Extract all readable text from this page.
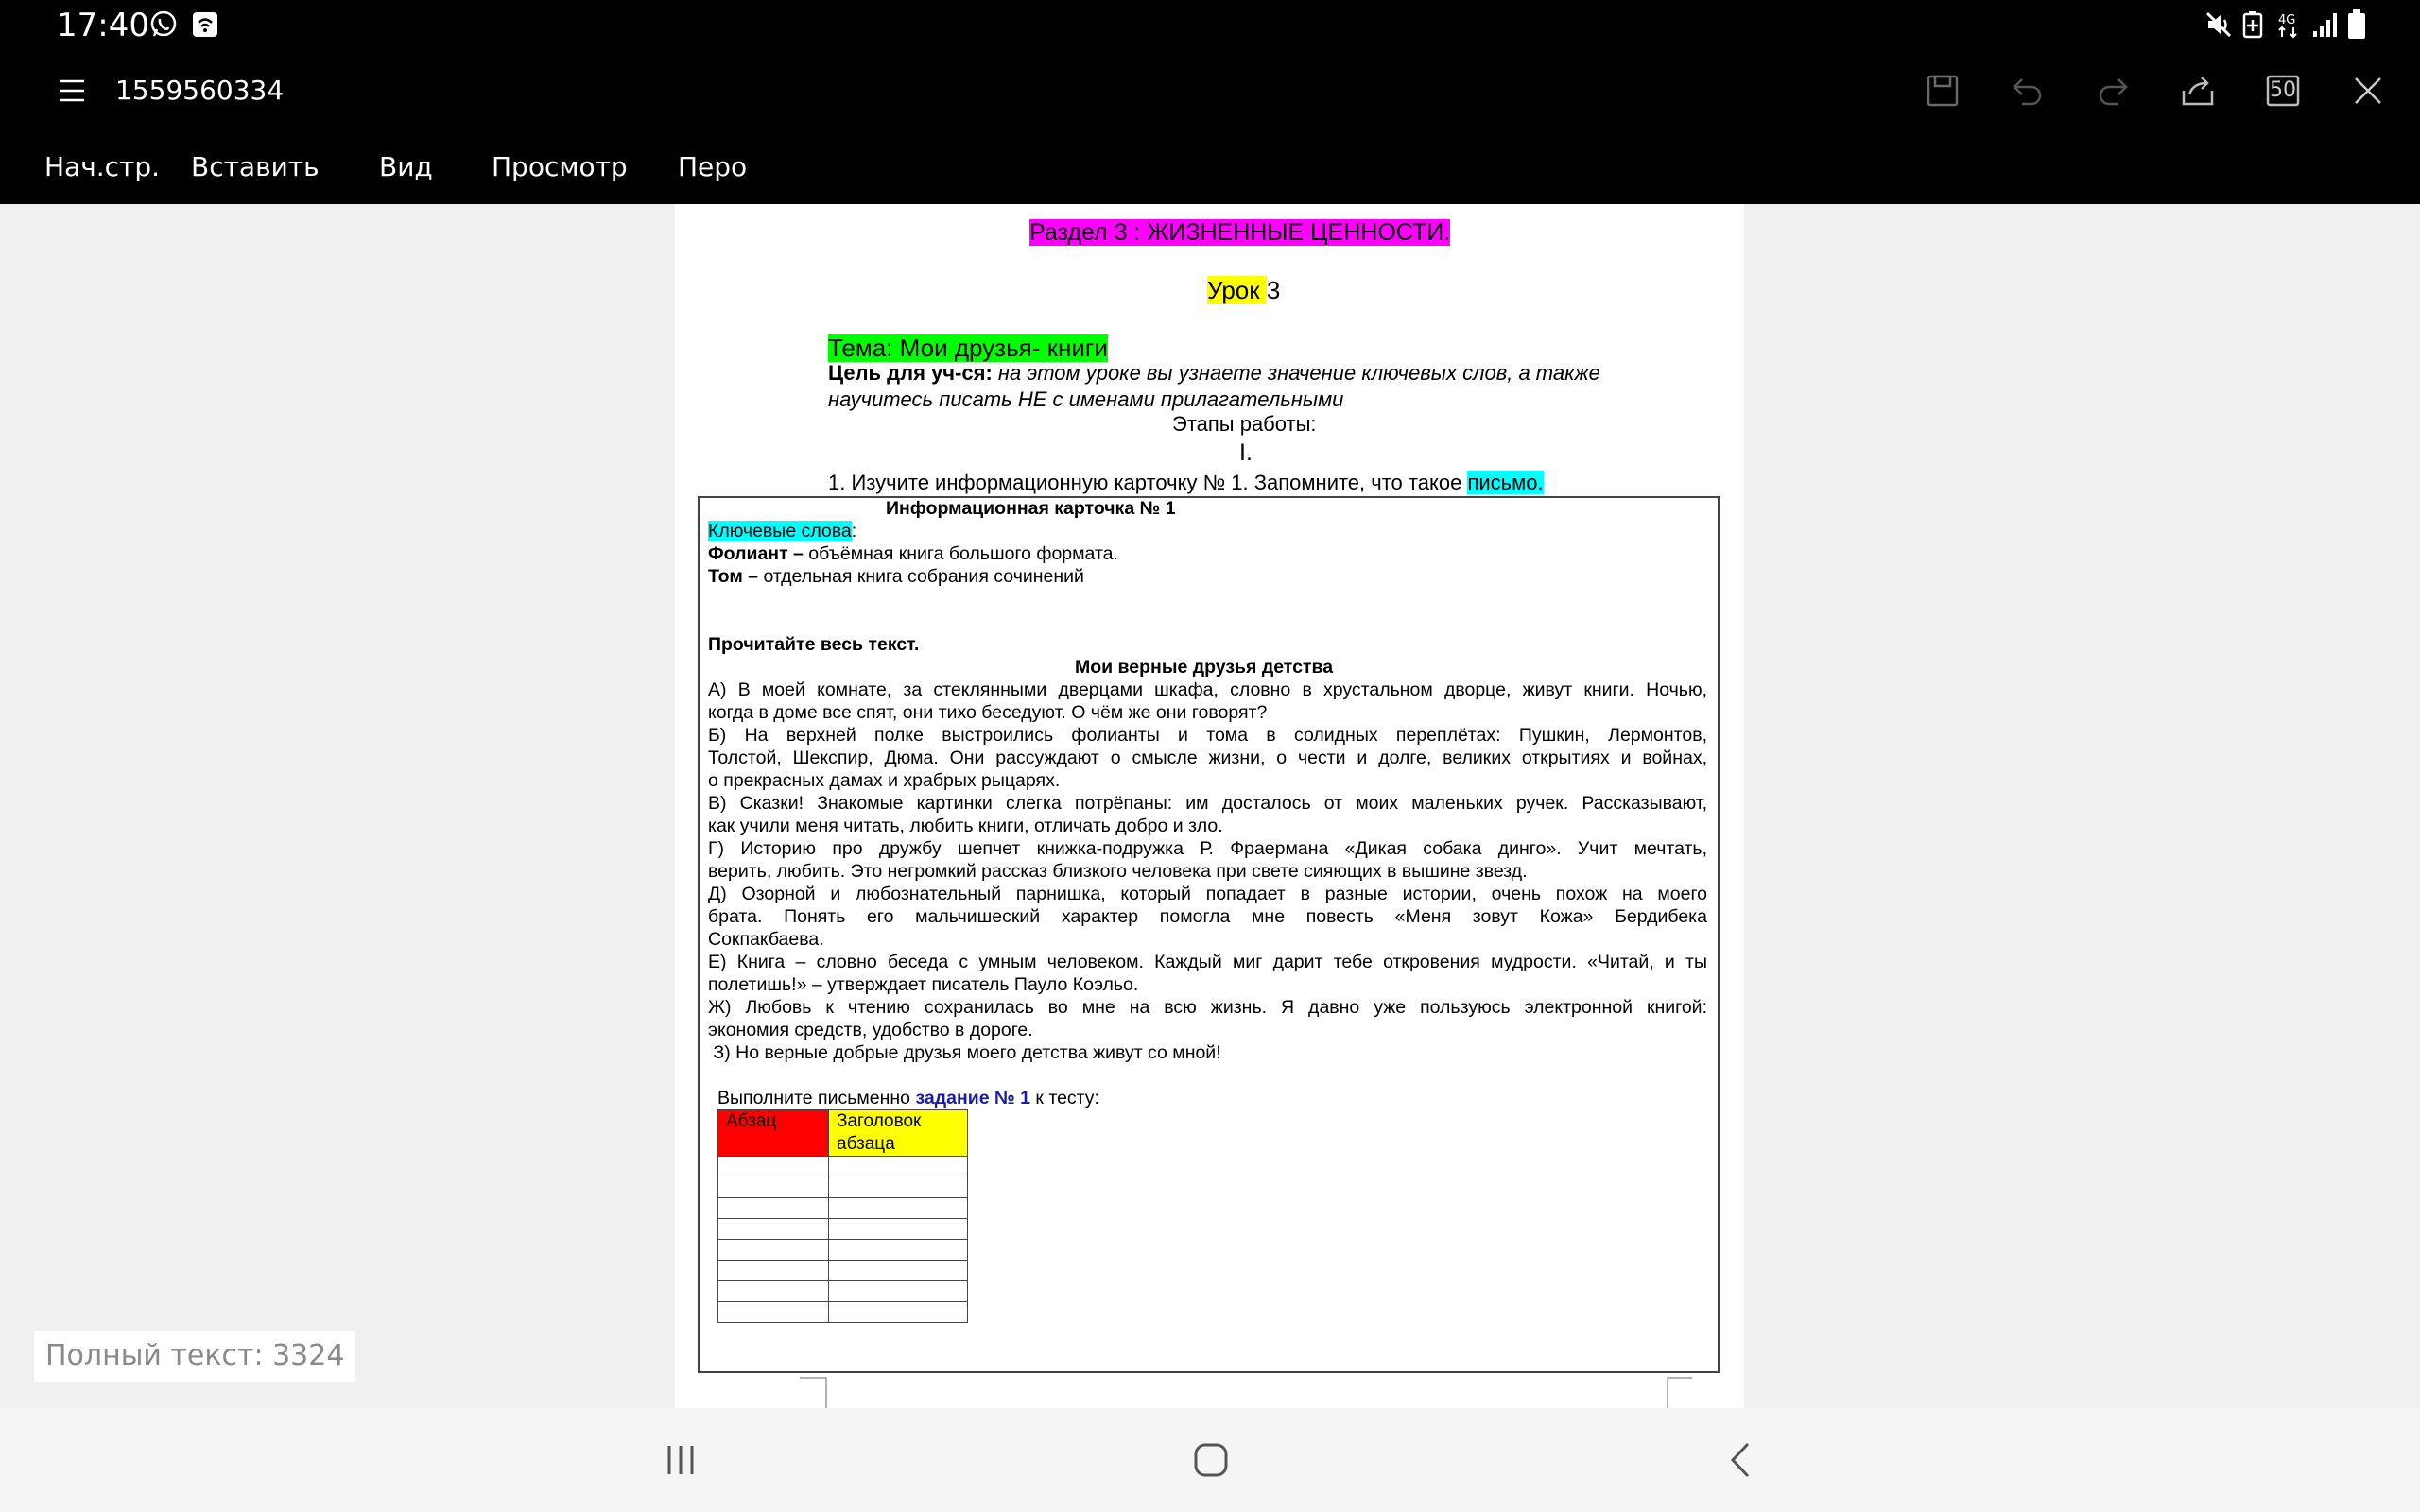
17:40	4G
1559560334	50
Нач.стр. Вставить Вид Просмотр Перо
Раздел 3 : ЖИЗНЕННЫЕ ЦЕННОСТИ.
Урок 3
Тема: Мои друзья- книги
Цель для уч-ся: на этом уроке вы узнаете значение ключевых слов, а также
научитесь писать НЕ с именами прилагательными
Этапы работы:
I.
1. Изучите информационную карточку № 1. Запомните, что такое письмо.
Информационная карточка № 1
Ключевые слова:
Фолиант – объёмная книга большого формата.
Том – отдельная книга собрания сочинений
Прочитайте весь текст.
Мои верные друзья детства
А) В моей комнате, за стеклянными дверцами шкафа, словно в хрустальном дворце, живут книги. Ночью,
когда в доме все спят, они тихо беседуют. О чём же они говорят?
Б) На верхней полке выстроились фолианты и тома в солидных переплётах: Пушкин, Лермонтов,
Толстой, Шекспир, Дюма. Они рассуждают о смысле жизни, о чести и долге, великих открытиях и войнах,
о прекрасных дамах и храбрых рыцарях.
В) Сказки! Знакомые картинки слегка потрёпаны: им досталось от моих маленьких ручек. Рассказывают,
как учили меня читать, любить книги, отличать добро и зло.
Г) Историю про дружбу шепчет книжка-подружка Р. Фраермана «Дикая собака динго». Учит мечтать,
верить, любить. Это негромкий рассказ близкого человека при свете сияющих в вышине звезд.
Д) Озорной и любознательный парнишка, который попадает в разные истории, очень похож на моего
брата. Понять его мальчишеский характер помогла мне повесть «Меня зовут Кожа» Бердибека
Сокпакбаева.
Е) Книга – словно беседа с умным человеком. Каждый миг дарит тебе откровения мудрости. «Читай, и ты
полетишь!» – утверждает писатель Пауло Коэльо.
Ж) Любовь к чтению сохранилась во мне на всю жизнь. Я давно уже пользуюсь электронной книгой:
экономия средств, удобство в дороге.
З) Но верные добрые друзья моего детства живут со мной!
Выполните письменно задание № 1 к тесту:
Абзац	Заголовок абзаца

Полный текст: 3324
